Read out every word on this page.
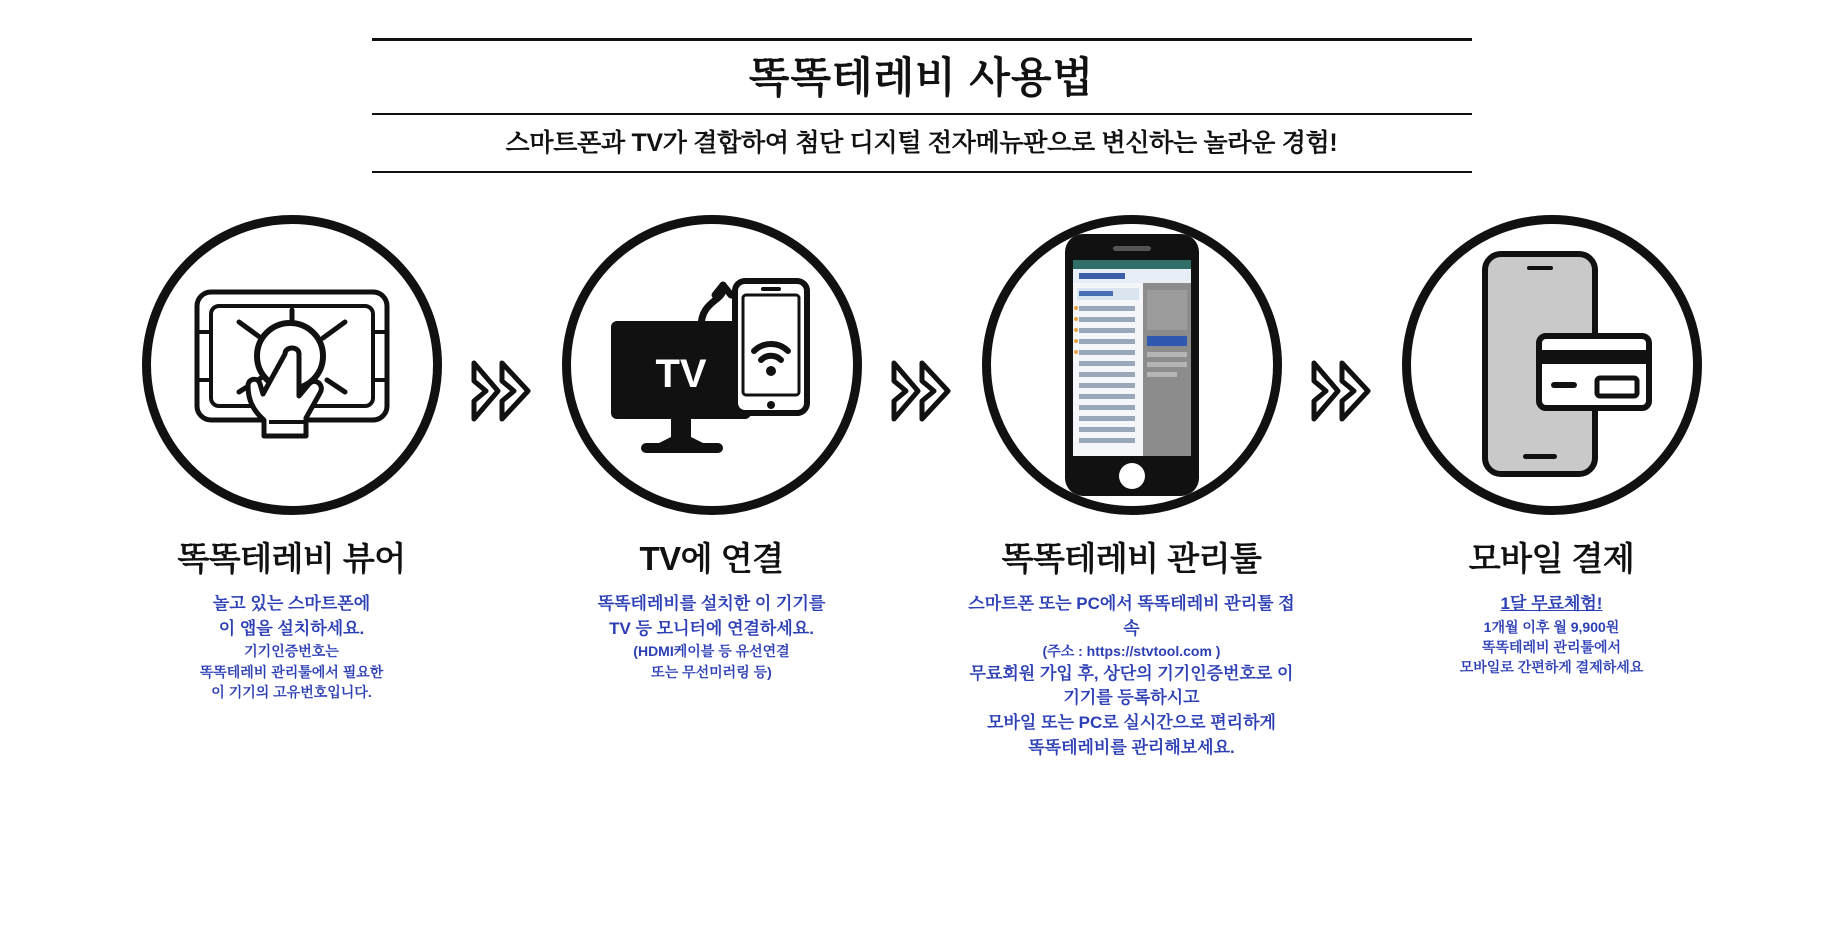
똑똑테레비 사용법
스마트폰과 TV가 결합하여 첨단 디지털 전자메뉴판으로 변신하는 놀라운 경험!
똑똑테레비 뷰어
놀고 있는 스마트폰에
이 앱을 설치하세요.
기기인증번호는
똑똑테레비 관리툴에서 필요한
이 기기의 고유번호입니다.
TV
TV에 연결
똑똑테레비를 설치한 이 기기를
TV 등 모니터에 연결하세요.
(HDMI케이블 등 유선연결
또는 무선미러링 등)
똑똑테레비 관리툴
스마트폰 또는 PC에서 똑똑테레비 관리툴 접속
(주소 : https://stvtool.com )
무료회원 가입 후, 상단의 기기인증번호로 이 기기를 등록하시고
모바일 또는 PC로 실시간으로 편리하게
똑똑테레비를 관리해보세요.
모바일 결제
1달 무료체험!
1개월 이후 월 9,900원
똑똑테레비 관리툴에서
모바일로 간편하게 결제하세요
